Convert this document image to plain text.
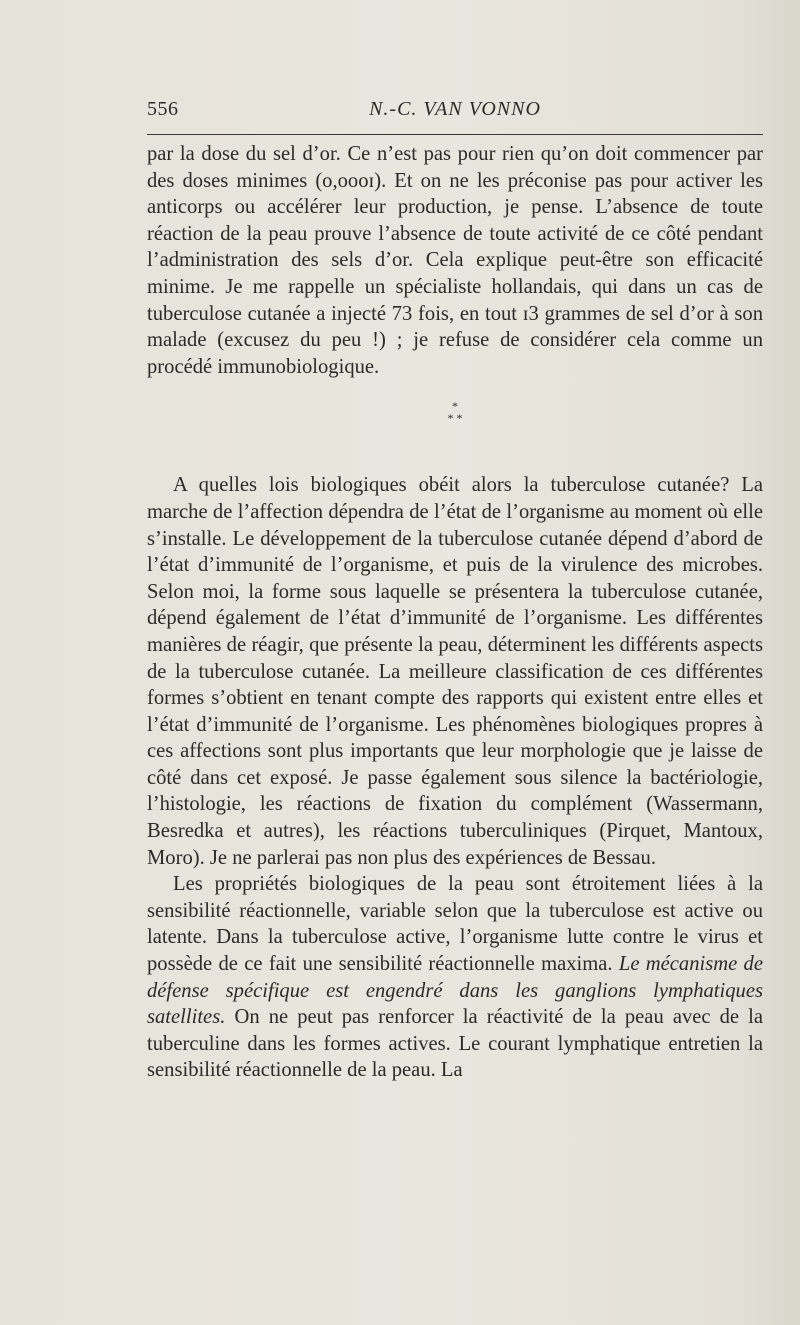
556	N.-C. VAN VONNO

par la dose du sel d’or. Ce n’est pas pour rien qu’on doit commencer par des doses minimes (o,oooɪ). Et on ne les préconise pas pour activer les anticorps ou accélérer leur production, je pense. L’absence de toute réaction de la peau prouve l’absence de toute activité de ce côté pendant l’administration des sels d’or. Cela explique peut-être son efficacité minime. Je me rappelle un spécialiste hollandais, qui dans un cas de tuberculose cutanée a injecté 73 fois, en tout ɪ3 grammes de sel d’or à son malade (excusez du peu !) ; je refuse de considérer cela comme un procédé immunobiologique.

*
* *

A quelles lois biologiques obéit alors la tuberculose cutanée? La marche de l’affection dépendra de l’état de l’organisme au moment où elle s’installe. Le développement de la tuberculose cutanée dépend d’abord de l’état d’immunité de l’organisme, et puis de la virulence des microbes. Selon moi, la forme sous laquelle se présentera la tuberculose cutanée, dépend également de l’état d’immunité de l’organisme. Les différentes manières de réagir, que présente la peau, déterminent les différents aspects de la tuberculose cutanée. La meilleure classification de ces différentes formes s’obtient en tenant compte des rapports qui existent entre elles et l’état d’immunité de l’organisme. Les phénomènes biologiques propres à ces affections sont plus importants que leur morphologie que je laisse de côté dans cet exposé. Je passe également sous silence la bactériologie, l’histologie, les réactions de fixation du complément (Wassermann, Besredka et autres), les réactions tuberculiniques (Pirquet, Mantoux, Moro). Je ne parlerai pas non plus des expériences de Bessau.

Les propriétés biologiques de la peau sont étroitement liées à la sensibilité réactionnelle, variable selon que la tuberculose est active ou latente. Dans la tuberculose active, l’organisme lutte contre le virus et possède de ce fait une sensibilité réactionnelle maxima. Le mécanisme de défense spécifique est engendré dans les ganglions lymphatiques satellites. On ne peut pas renforcer la réactivité de la peau avec de la tuberculine dans les formes actives. Le courant lymphatique entretien la sensibilité réactionnelle de la peau. La
